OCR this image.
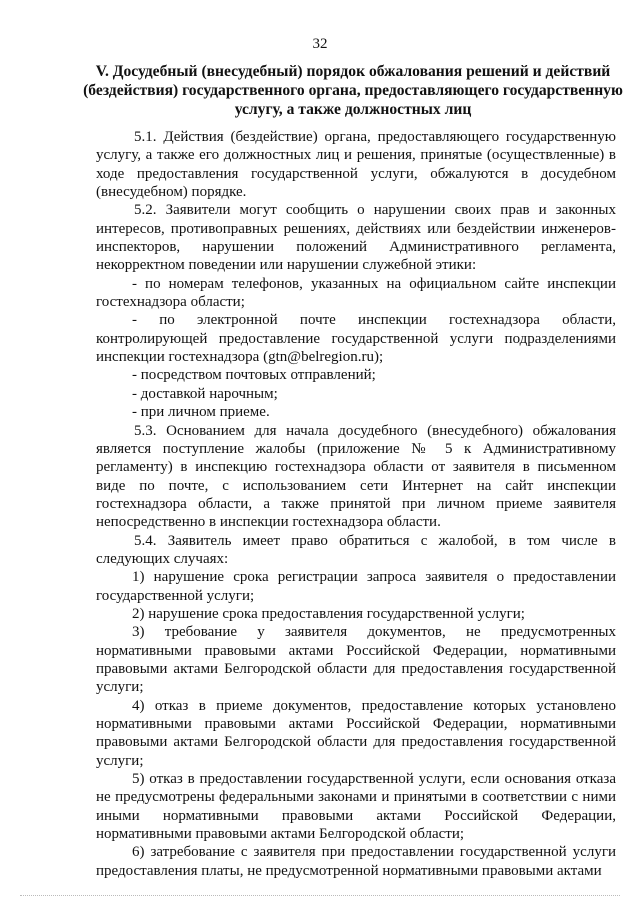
32
V. Досудебный (внесудебный) порядок обжалования решений и действий (бездействия) государственного органа, предоставляющего государственную услугу, а также должностных лиц

5.1. Действия (бездействие) органа, предоставляющего государственную услугу, а также его должностных лиц и решения, принятые (осуществленные) в ходе предоставления государственной услуги, обжалуются в досудебном (внесудебном) порядке.

5.2. Заявители могут сообщить о нарушении своих прав и законных интересов, противоправных решениях, действиях или бездействии инженеров-инспекторов, нарушении положений Административного регламента, некорректном поведении или нарушении служебной этики:

- по номерам телефонов, указанных на официальном сайте инспекции гостехнадзора области;

- по электронной почте инспекции гостехнадзора области, контролирующей предоставление государственной услуги подразделениями инспекции гостехнадзора (gtn@belregion.ru);

- посредством почтовых отправлений;

- доставкой нарочным;

- при личном приеме.

5.3. Основанием для начала досудебного (внесудебного) обжалования является поступление жалобы (приложение № 5 к Административному регламенту) в инспекцию гостехнадзора области от заявителя в письменном виде по почте, с использованием сети Интернет на сайт инспекции гостехнадзора области, а также принятой при личном приеме заявителя непосредственно в инспекции гостехнадзора области.

5.4. Заявитель имеет право обратиться с жалобой, в том числе в следующих случаях:

1) нарушение срока регистрации запроса заявителя о предоставлении государственной услуги;

2) нарушение срока предоставления государственной услуги;

3) требование у заявителя документов, не предусмотренных нормативными правовыми актами Российской Федерации, нормативными правовыми актами Белгородской области для предоставления государственной услуги;

4) отказ в приеме документов, предоставление которых установлено нормативными правовыми актами Российской Федерации, нормативными правовыми актами Белгородской области для предоставления государственной услуги;

5) отказ в предоставлении государственной услуги, если основания отказа не предусмотрены федеральными законами и принятыми в соответствии с ними иными нормативными правовыми актами Российской Федерации, нормативными правовыми актами Белгородской области;

6) затребование с заявителя при предоставлении государственной услуги предоставления платы, не предусмотренной нормативными правовыми актами
